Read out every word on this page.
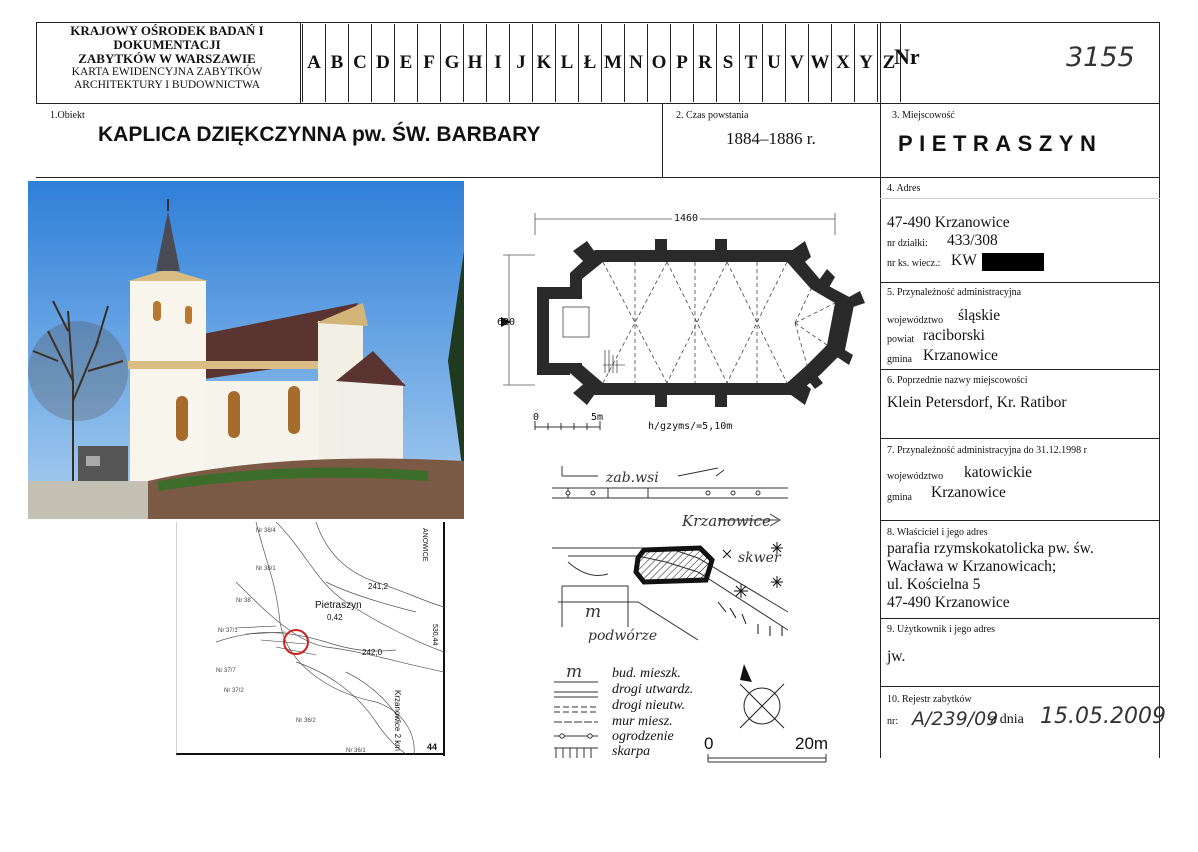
KRAJOWY OŚRODEK BADAŃ I
DOKUMENTACJI
ZABYTKÓW W WARSZAWIE
KARTA EWIDENCYJNA ZABYTKÓW
ARCHITEKTURY I BUDOWNICTWA
A B C D E F G H I J K L Ł M N O P R S T U V W X Y Z
Nr	3155
1.Obiekt
KAPLICA DZIĘKCZYNNA pw. ŚW. BARBARY
2. Czas powstania
1884–1886 r.
3. Miejscowość
PIETRASZYN
4. Adres
47-490 Krzanowice
nr działki: 433/308
nr ks. wiecz.: KW
5. Przynależność administracyjna
województwo śląskie
powiat raciborski
gmina Krzanowice
6. Poprzednie nazwy miejscowości
Klein Petersdorf, Kr. Ratibor
7. Przynależność administracyjna do 31.12.1998 r
województwo katowickie
gmina Krzanowice
8. Właściciel i jego adres
parafia rzymskokatolicka pw. św.
Wacława w Krzanowicach;
ul. Kościelna 5
47-490 Krzanowice
9. Użytkownik i jego adres
jw.
10. Rejestr zabytków
nr: A/239/09
z dnia 15.05.2009
1460
620
0	5m
h/gzyms/=5,10m
zab.wsi
Krzanowice
skwer
m
podwórze
m bud. mieszk.
drogi utwardz.
drogi nieutw.
mur miesz.
ogrodzenie
skarpa	0	20m
Nr 38/4
Nr 38/1
Nr 38
Nr 37/1
Nr 37/7
Nr 37/2
Nr 36/2
Nr 36/1
Pietraszyn
0,42
241,2
242,0
Krzanowice 2 km
ANOWICE
530,44
44
